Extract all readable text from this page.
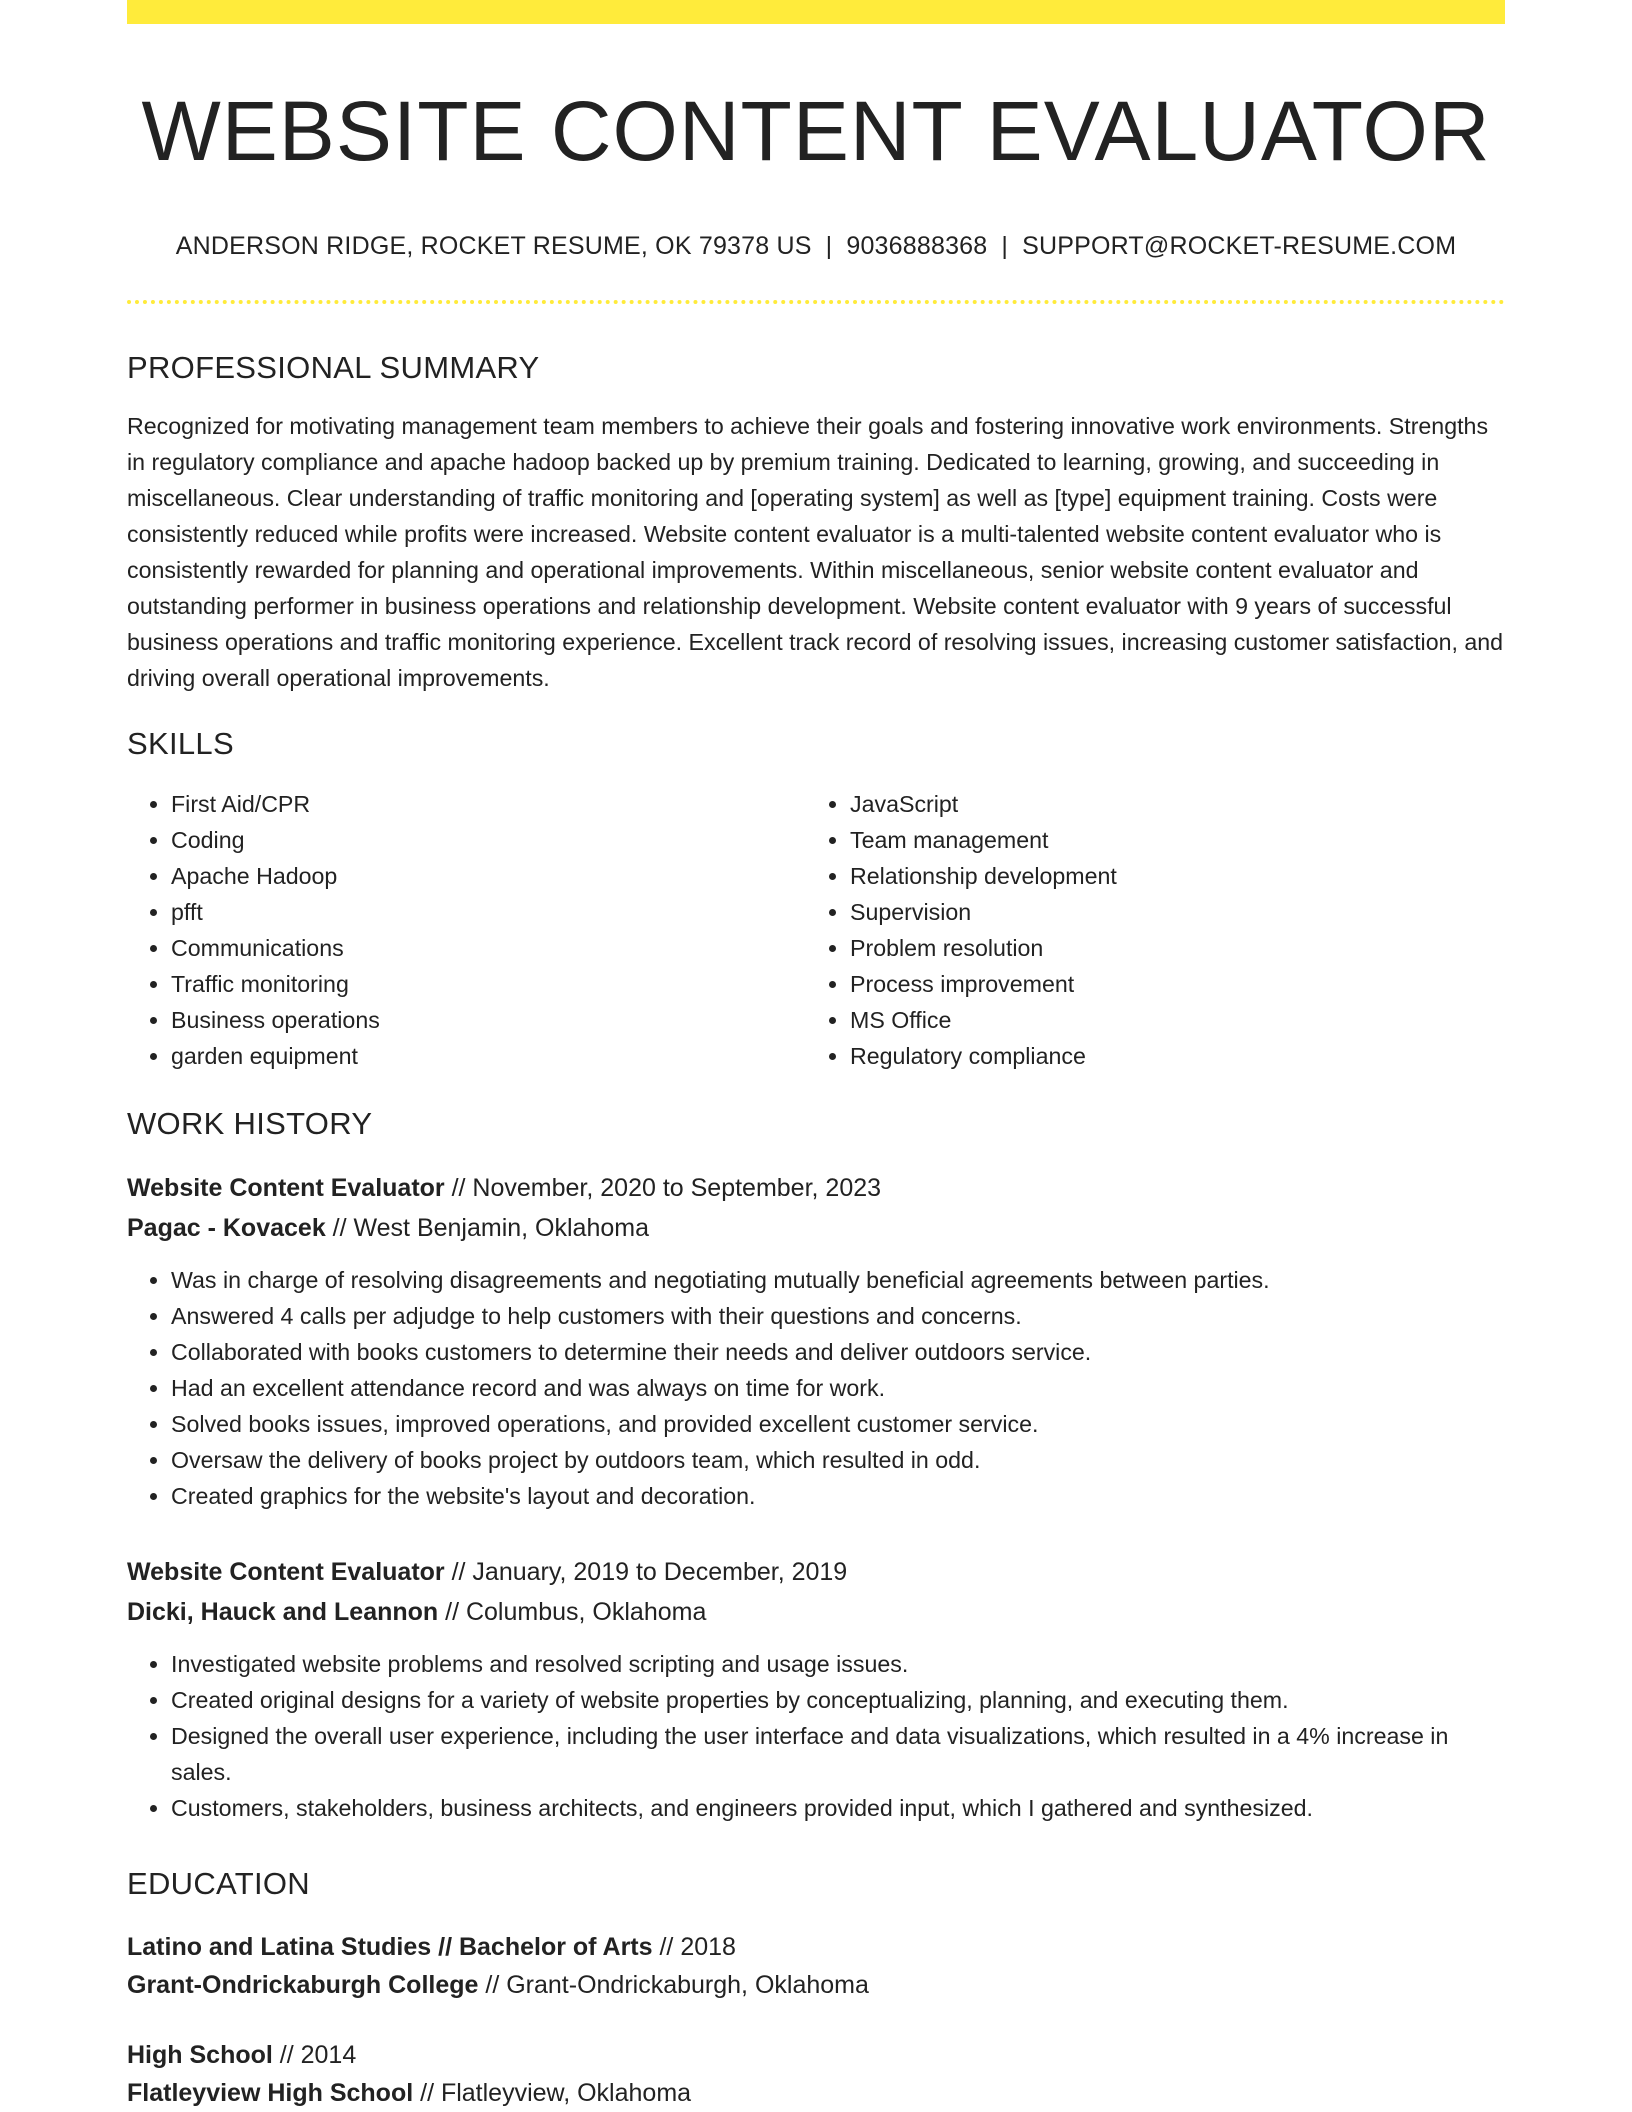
WEBSITE CONTENT EVALUATOR
ANDERSON RIDGE, ROCKET RESUME, OK 79378 US | 9036888368 | SUPPORT@ROCKET-RESUME.COM
PROFESSIONAL SUMMARY
Recognized for motivating management team members to achieve their goals and fostering innovative work environments. Strengths in regulatory compliance and apache hadoop backed up by premium training. Dedicated to learning, growing, and succeeding in miscellaneous. Clear understanding of traffic monitoring and [operating system] as well as [type] equipment training. Costs were consistently reduced while profits were increased. Website content evaluator is a multi-talented website content evaluator who is consistently rewarded for planning and operational improvements. Within miscellaneous, senior website content evaluator and outstanding performer in business operations and relationship development. Website content evaluator with 9 years of successful business operations and traffic monitoring experience. Excellent track record of resolving issues, increasing customer satisfaction, and driving overall operational improvements.
SKILLS
• First Aid/CPR
• Coding
• Apache Hadoop
• pfft
• Communications
• Traffic monitoring
• Business operations
• garden equipment
• JavaScript
• Team management
• Relationship development
• Supervision
• Problem resolution
• Process improvement
• MS Office
• Regulatory compliance
WORK HISTORY
Website Content Evaluator // November, 2020 to September, 2023
Pagac - Kovacek // West Benjamin, Oklahoma
• Was in charge of resolving disagreements and negotiating mutually beneficial agreements between parties.
• Answered 4 calls per adjudge to help customers with their questions and concerns.
• Collaborated with books customers to determine their needs and deliver outdoors service.
• Had an excellent attendance record and was always on time for work.
• Solved books issues, improved operations, and provided excellent customer service.
• Oversaw the delivery of books project by outdoors team, which resulted in odd.
• Created graphics for the website's layout and decoration.
Website Content Evaluator // January, 2019 to December, 2019
Dicki, Hauck and Leannon // Columbus, Oklahoma
• Investigated website problems and resolved scripting and usage issues.
• Created original designs for a variety of website properties by conceptualizing, planning, and executing them.
• Designed the overall user experience, including the user interface and data visualizations, which resulted in a 4% increase in sales.
• Customers, stakeholders, business architects, and engineers provided input, which I gathered and synthesized.
EDUCATION
Latino and Latina Studies // Bachelor of Arts // 2018
Grant-Ondrickaburgh College // Grant-Ondrickaburgh, Oklahoma
High School // 2014
Flatleyview High School // Flatleyview, Oklahoma
